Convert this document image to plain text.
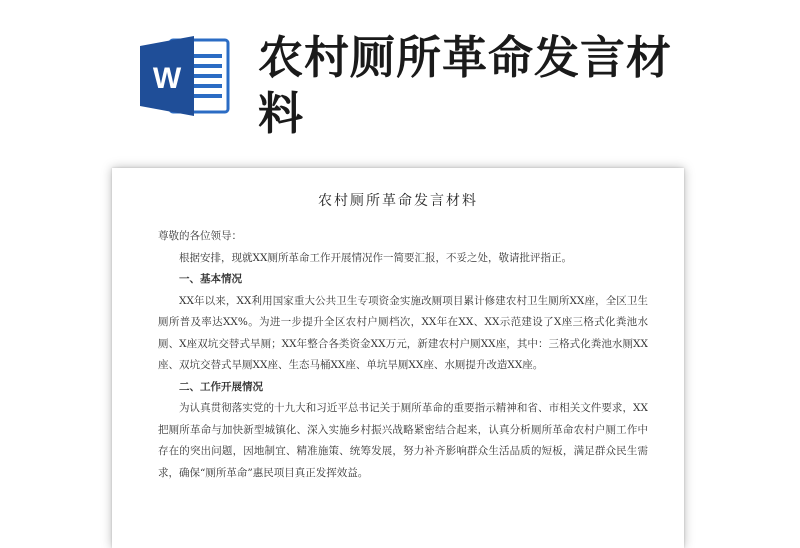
W 农村厕所革命发言材料
农村厕所革命发言材料

尊敬的各位领导：

根据安排，现就XX厕所革命工作开展情况作一简要汇报，不妥之处，敬请批评指正。

一、基本情况

XX年以来，XX利用国家重大公共卫生专项资金实施改厕项目累计修建农村卫生厕所XX座，全区卫生厕所普及率达XX%。为进一步提升全区农村户厕档次，XX年在XX、XX示范建设了X座三格式化粪池水厕、X座双坑交替式旱厕；XX年整合各类资金XX万元，新建农村户厕XX座，其中：三格式化粪池水厕XX座、双坑交替式旱厕XX座、生态马桶XX座、单坑旱厕XX座、水厕提升改造XX座。

二、工作开展情况

为认真贯彻落实党的十九大和习近平总书记关于厕所革命的重要指示精神和省、市相关文件要求，XX把厕所革命与加快新型城镇化、深入实施乡村振兴战略紧密结合起来，认真分析厕所革命农村户厕工作中存在的突出问题，因地制宜、精准施策、统筹发展，努力补齐影响群众生活品质的短板，满足群众民生需求，确保“厕所革命”惠民项目真正发挥效益。
